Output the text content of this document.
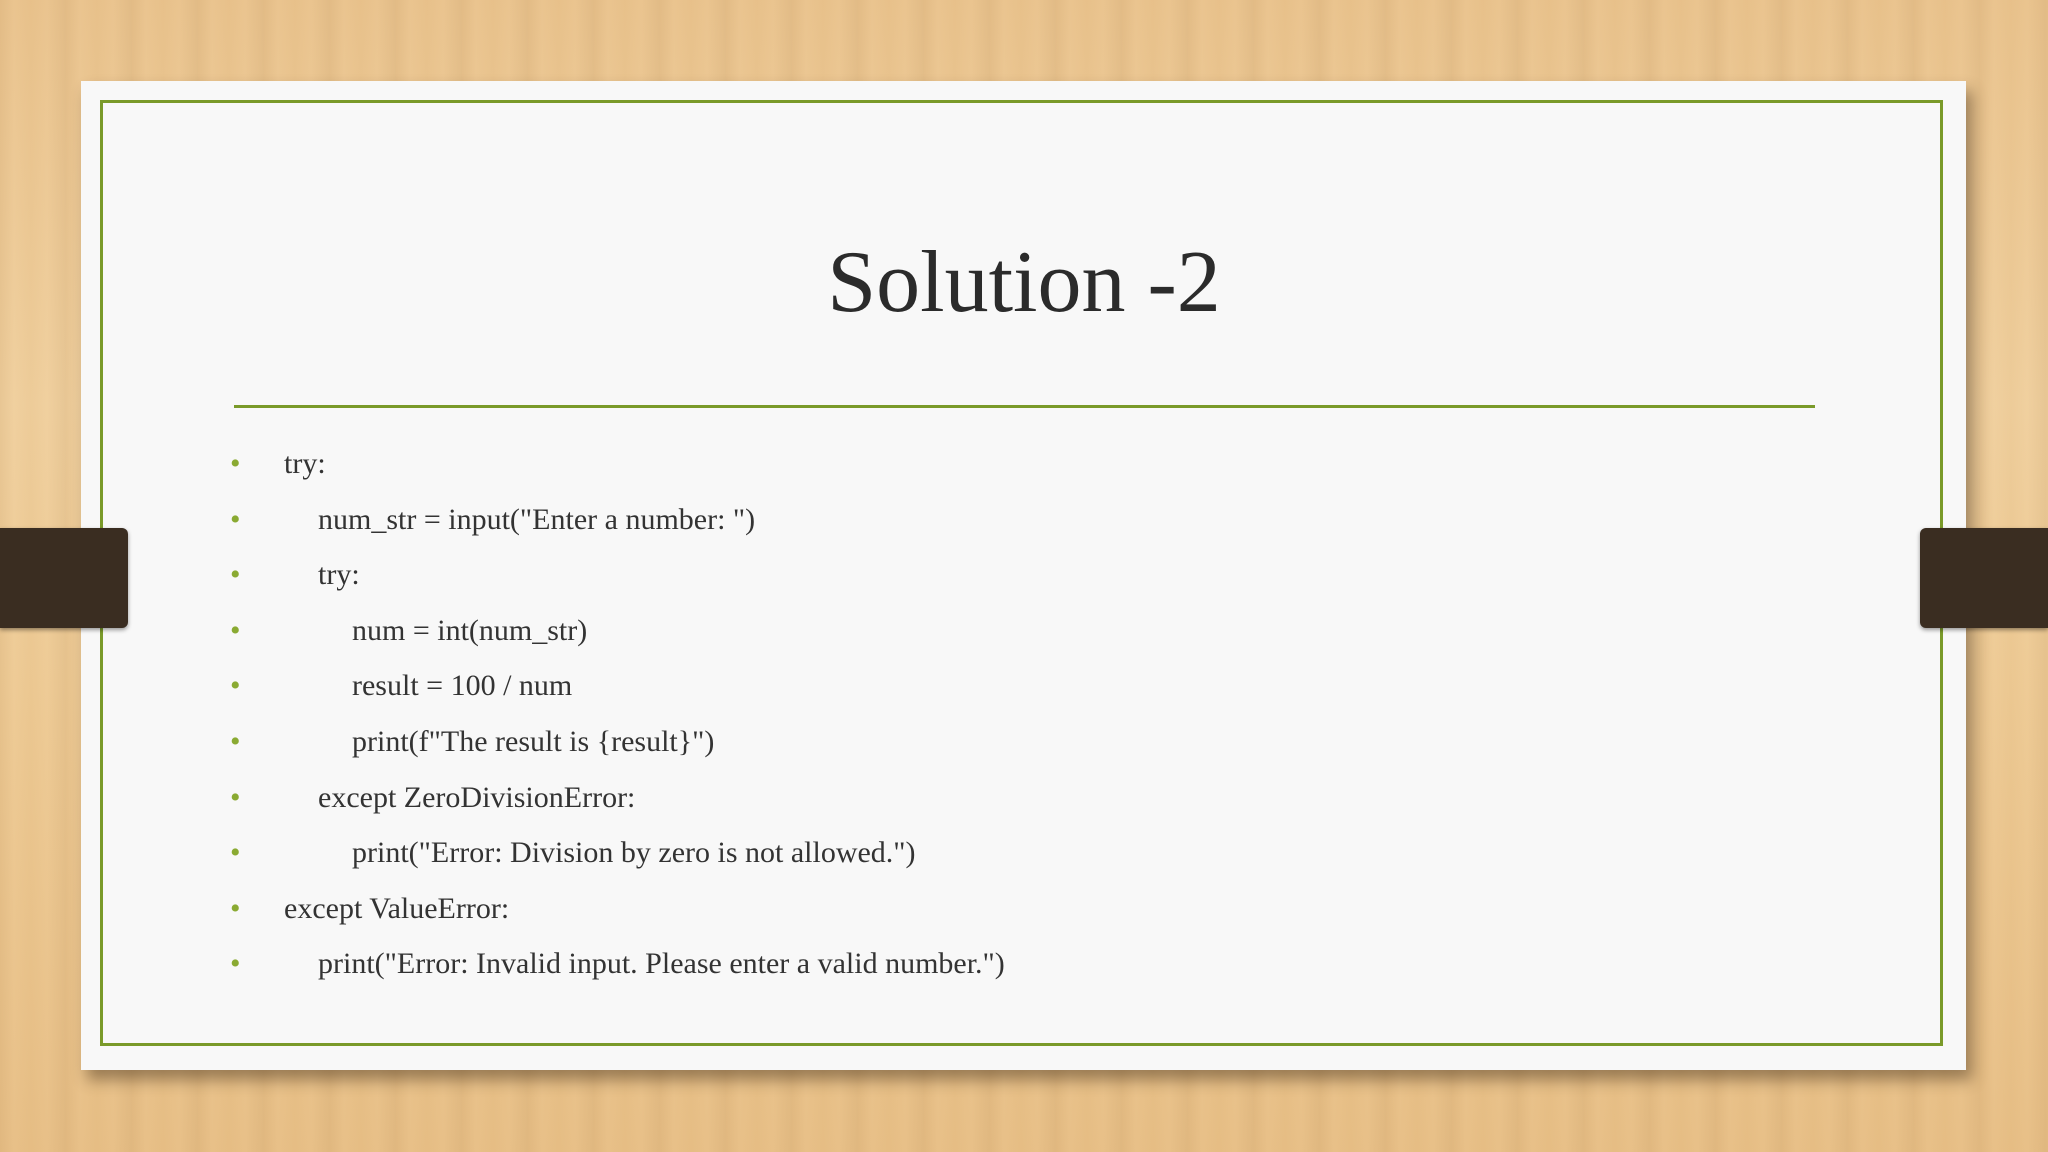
Solution -2
• try:
•	num_str = input("Enter a number: ")
•	try:
•	num = int(num_str)
•	result = 100 / num
•	print(f"The result is {result}")
•	except ZeroDivisionError:
•	print("Error: Division by zero is not allowed.")
• except ValueError:
•	print("Error: Invalid input. Please enter a valid number.")
